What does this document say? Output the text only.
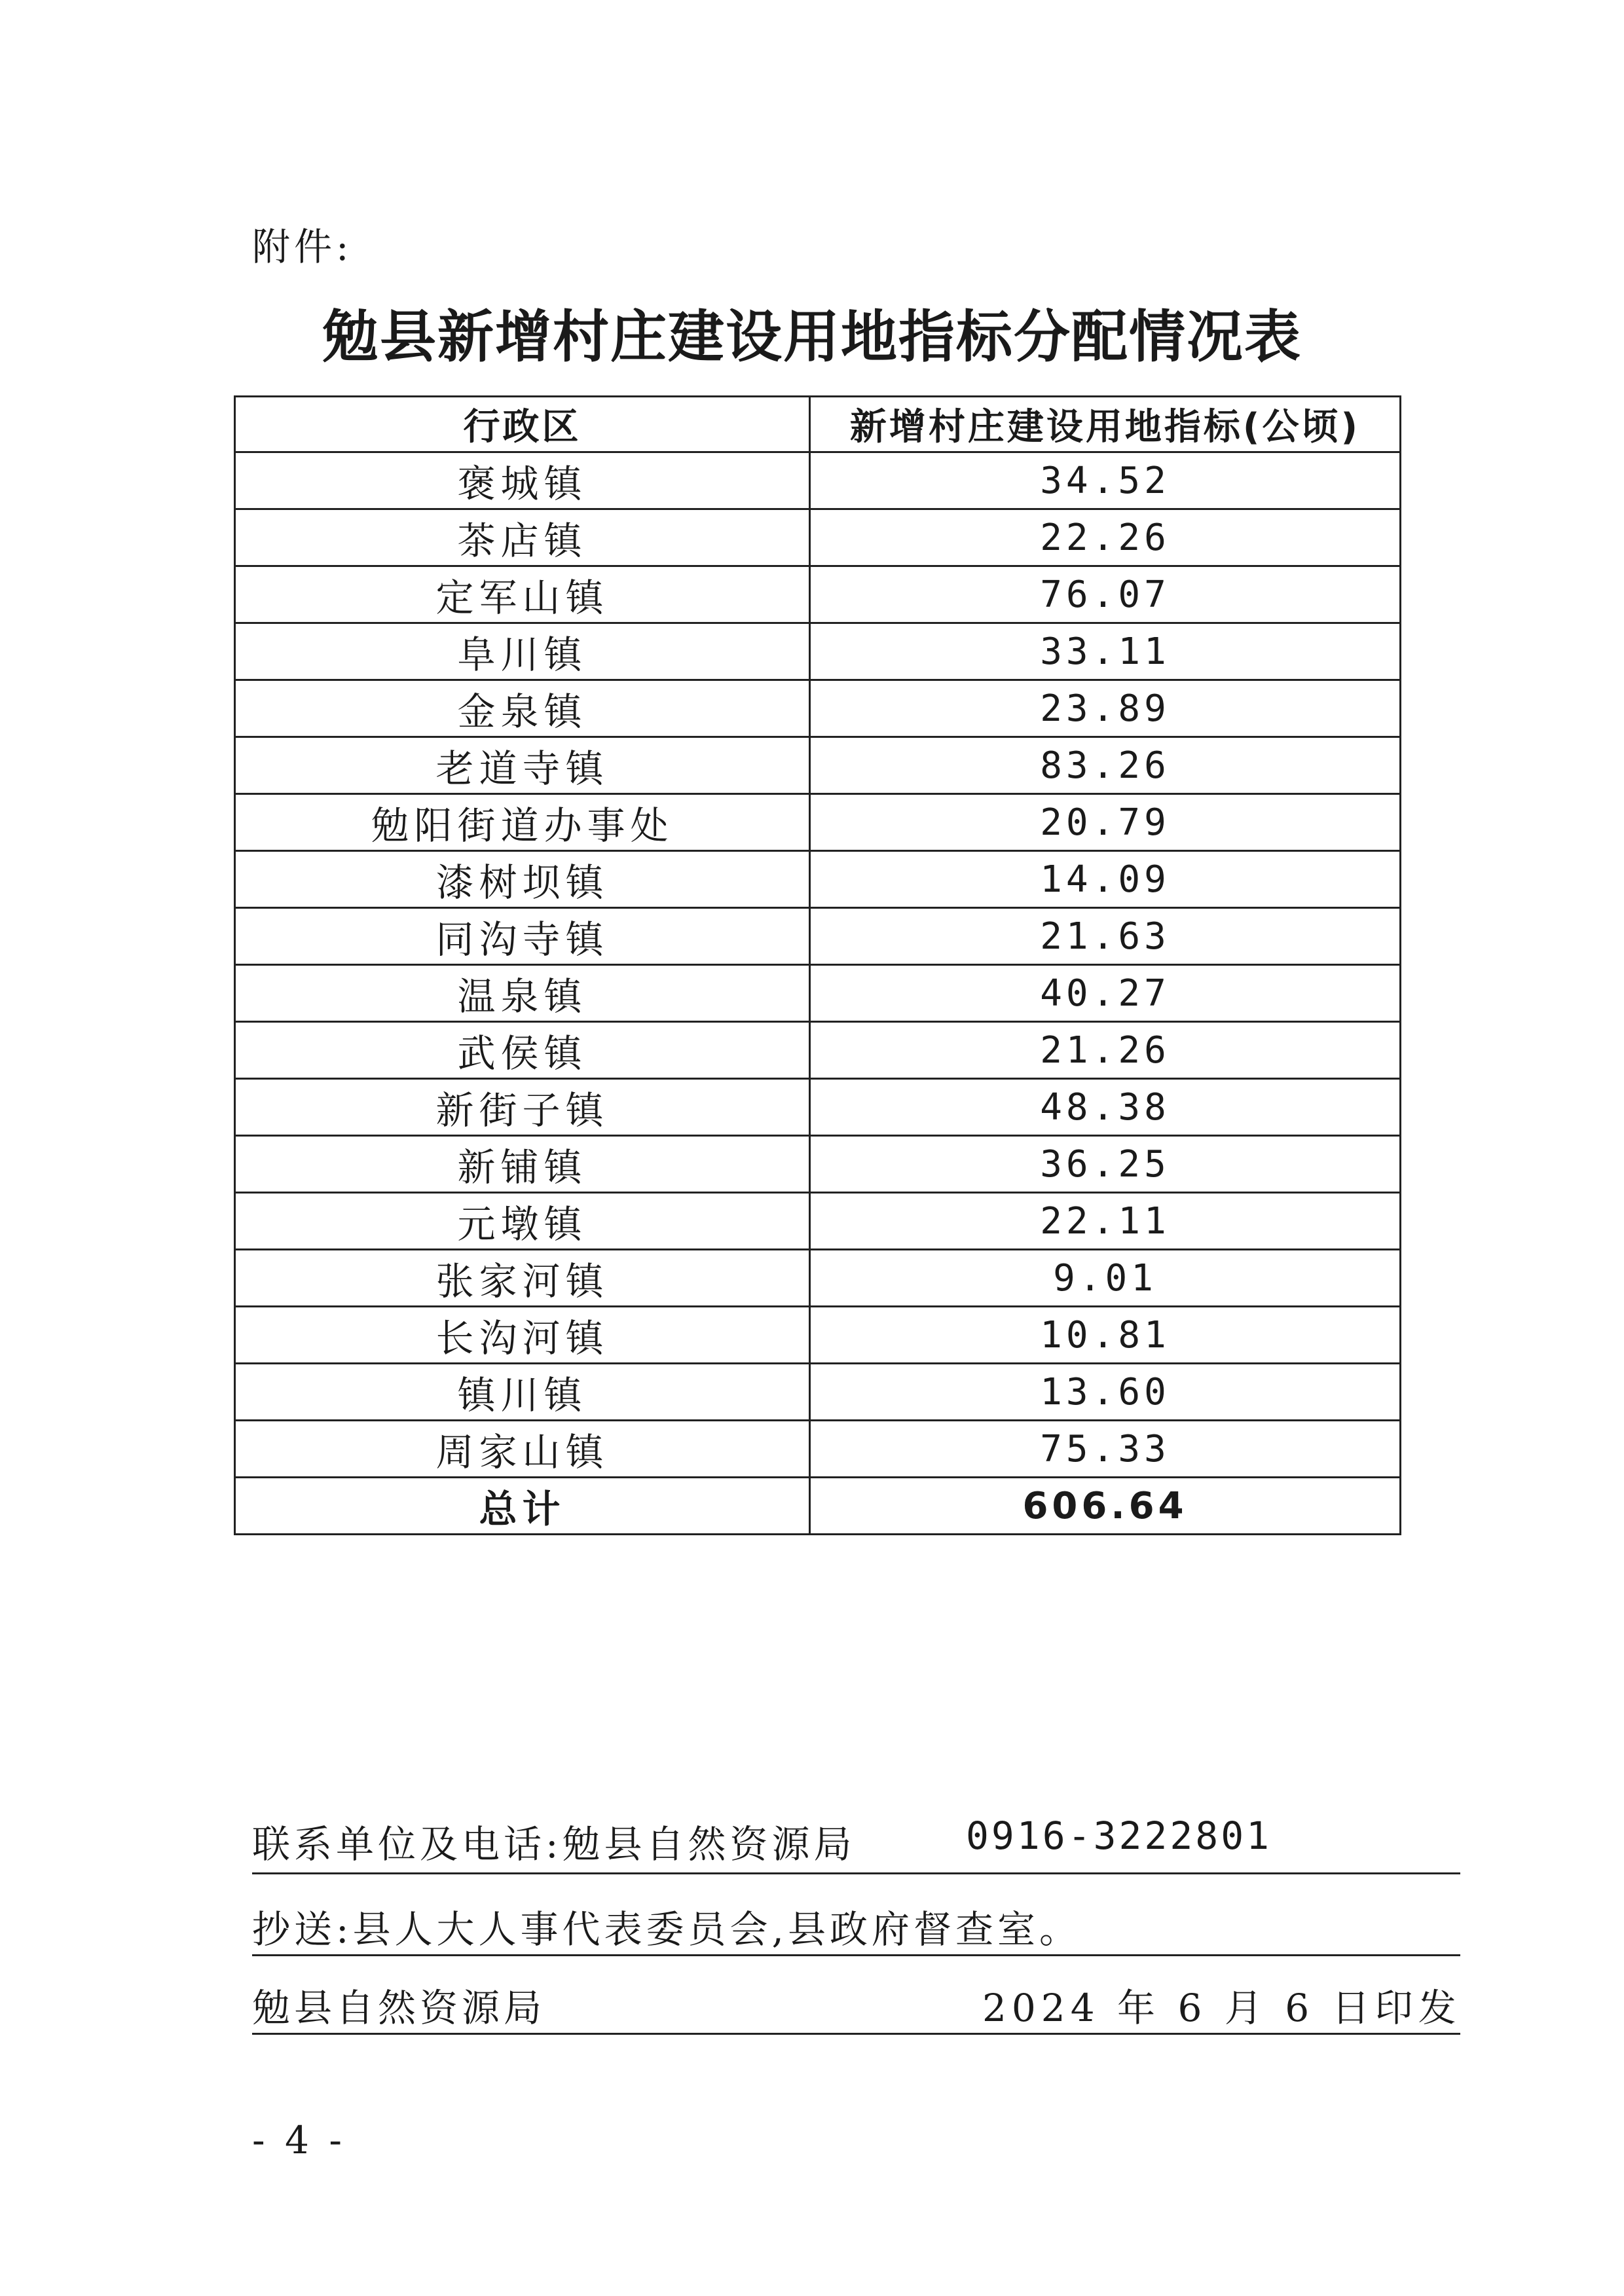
附件:
勉县新增村庄建设用地指标分配情况表
行政区	新增村庄建设用地指标(公顷)
褒城镇	34.52
茶店镇	22.26
定军山镇	76.07
阜川镇	33.11
金泉镇	23.89
老道寺镇	83.26
勉阳街道办事处	20.79
漆树坝镇	14.09
同沟寺镇	21.63
温泉镇	40.27
武侯镇	21.26
新街子镇	48.38
新铺镇	36.25
元墩镇	22.11
张家河镇	9.01
长沟河镇	10.81
镇川镇	13.60
周家山镇	75.33
总计	606.64
联系单位及电话:勉县自然资源局	0916-3222801
抄送:县人大人事代表委员会,县政府督查室。
勉县自然资源局	2024 年 6 月 6 日印发
- 4 -
